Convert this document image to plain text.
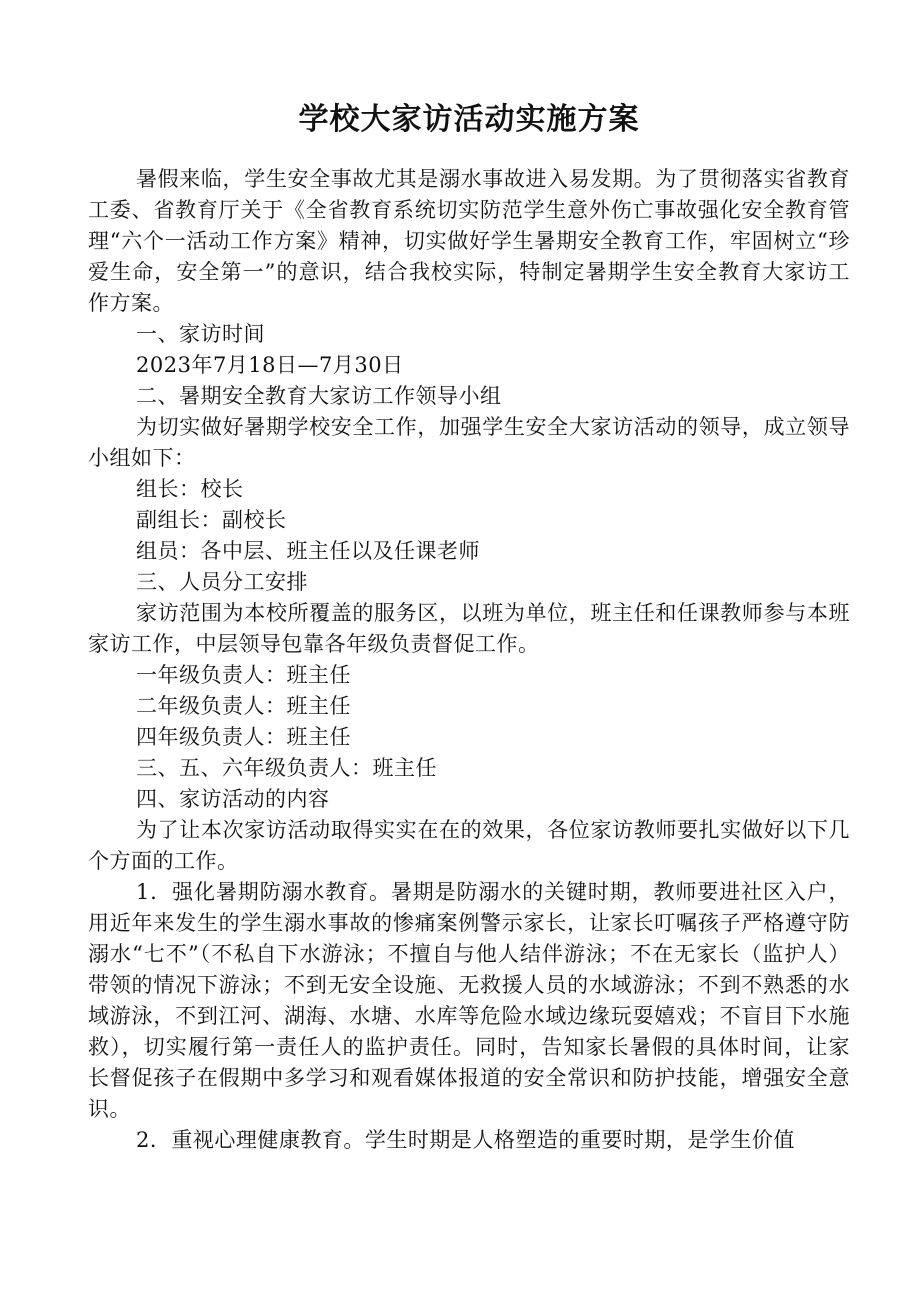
学校大家访活动实施方案

暑假来临，学生安全事故尤其是溺水事故进入易发期。为了贯彻落实省教育工委、省教育厅关于《全省教育系统切实防范学生意外伤亡事故强化安全教育管理“六个一活动工作方案》精神，切实做好学生暑期安全教育工作，牢固树立“珍爱生命，安全第一”的意识，结合我校实际，特制定暑期学生安全教育大家访工作方案。

一、家访时间

2023年7月18日—7月30日

二、暑期安全教育大家访工作领导小组

为切实做好暑期学校安全工作，加强学生安全大家访活动的领导，成立领导小组如下：

组长：校长

副组长：副校长

组员：各中层、班主任以及任课老师

三、人员分工安排

家访范围为本校所覆盖的服务区，以班为单位，班主任和任课教师参与本班家访工作，中层领导包靠各年级负责督促工作。

一年级负责人：班主任

二年级负责人：班主任

四年级负责人：班主任

三、五、六年级负责人：班主任

四、家访活动的内容

为了让本次家访活动取得实实在在的效果，各位家访教师要扎实做好以下几个方面的工作。

1．强化暑期防溺水教育。暑期是防溺水的关键时期，教师要进社区入户，用近年来发生的学生溺水事故的惨痛案例警示家长，让家长叮嘱孩子严格遵守防溺水“七不”（不私自下水游泳；不擅自与他人结伴游泳；不在无家长（监护人）带领的情况下游泳；不到无安全设施、无救援人员的水域游泳；不到不熟悉的水域游泳，不到江河、湖海、水塘、水库等危险水域边缘玩耍嬉戏；不盲目下水施救），切实履行第一责任人的监护责任。同时，告知家长暑假的具体时间，让家长督促孩子在假期中多学习和观看媒体报道的安全常识和防护技能，增强安全意识。

2．重视心理健康教育。学生时期是人格塑造的重要时期，是学生价值
